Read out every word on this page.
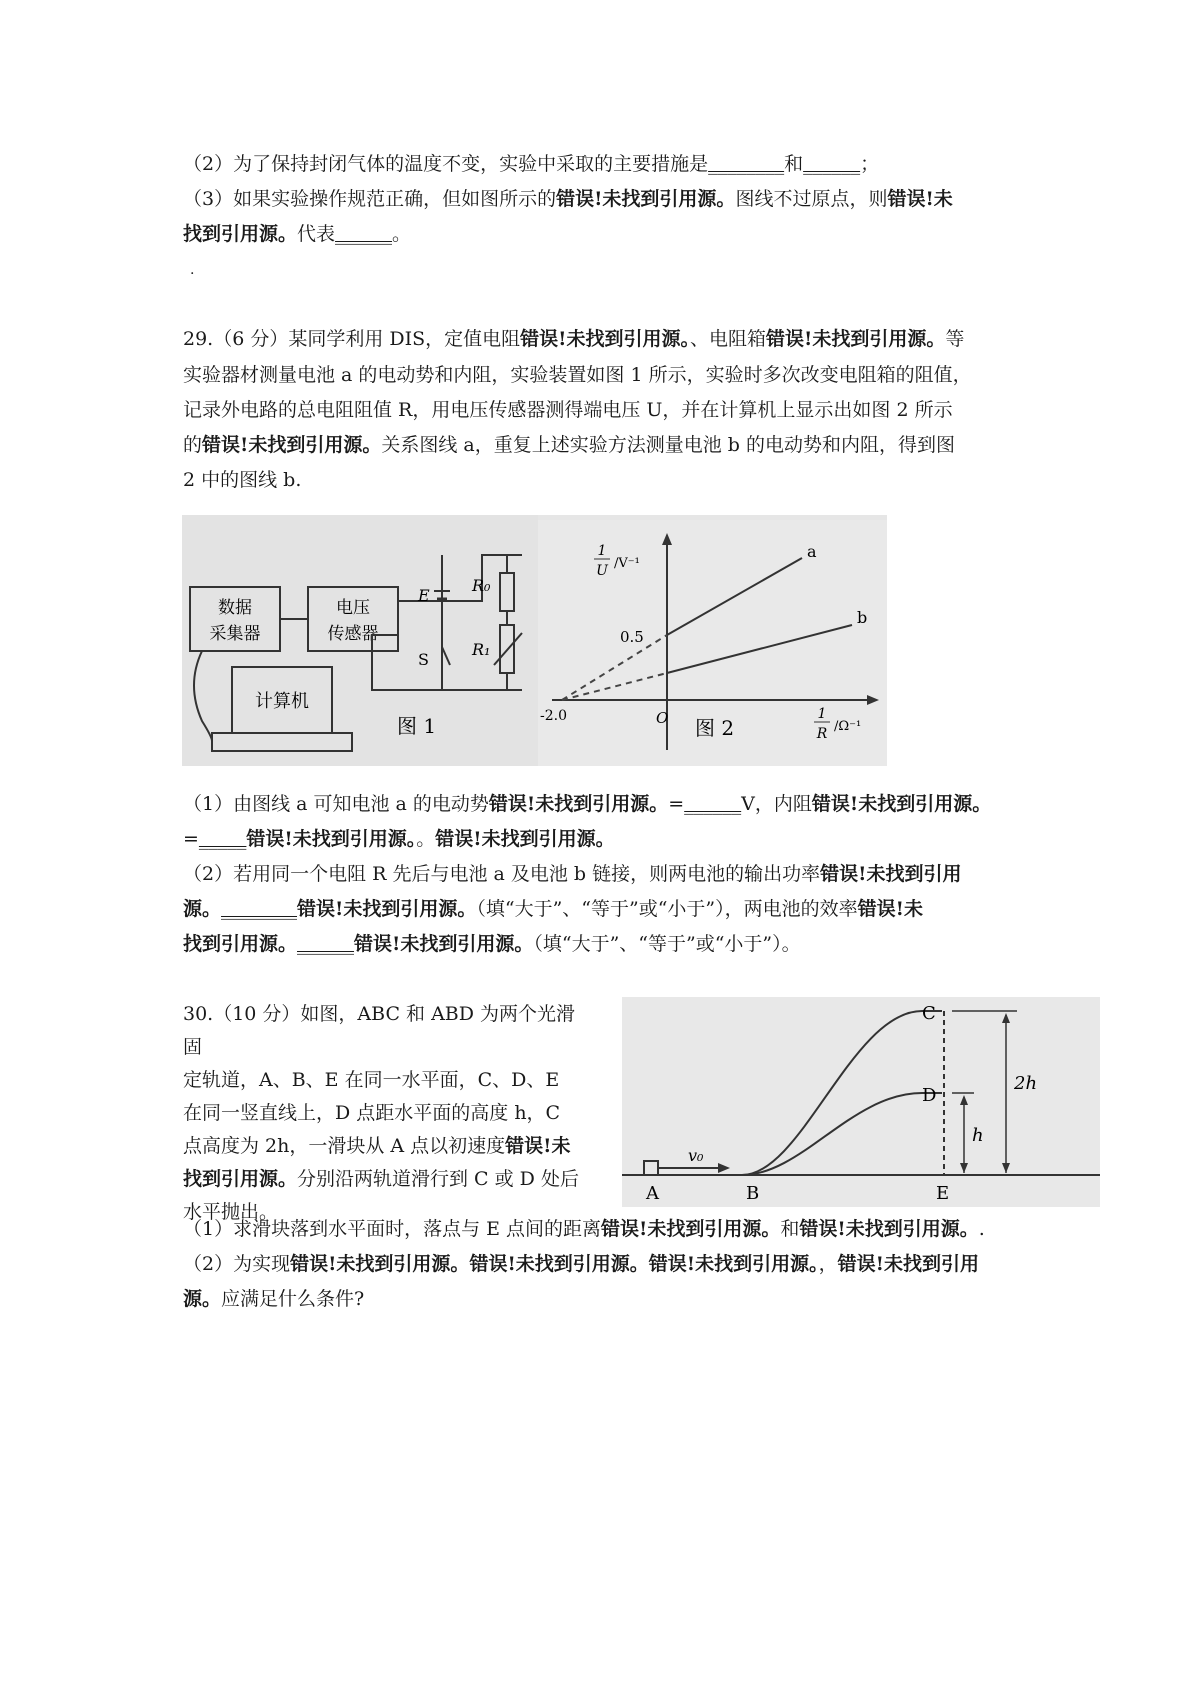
（2）为了保持封闭气体的温度不变，实验中采取的主要措施是________和______；
（3）如果实验操作规范正确，但如图所示的错误!未找到引用源。图线不过原点，则错误!未
找到引用源。代表______。
.
29.（6 分）某同学利用 DIS，定值电阻错误!未找到引用源。、电阻箱错误!未找到引用源。等
实验器材测量电池 a 的电动势和内阻，实验装置如图 1 所示，实验时多次改变电阻箱的阻值，
记录外电路的总电阻阻值 R，用电压传感器测得端电压 U，并在计算机上显示出如图 2 所示
的错误!未找到引用源。关系图线 a，重复上述实验方法测量电池 b 的电动势和内阻，得到图
2 中的图线 b.
数据
采集器
电压
传感器
E
S
R₀
R₁
计算机
图 1
1
U /V⁻¹
0.5
-2.0	O	1
R /Ω⁻¹
a
b
图 2
（1）由图线 a 可知电池 a 的电动势错误!未找到引用源。=______V，内阻错误!未找到引用源。
=_____错误!未找到引用源。。错误!未找到引用源。
（2）若用同一个电阻 R 先后与电池 a 及电池 b 链接，则两电池的输出功率错误!未找到引用
源。________错误!未找到引用源。（填“大于”、“等于”或“小于”），两电池的效率错误!未
找到引用源。______错误!未找到引用源。（填“大于”、“等于”或“小于”）。
30.（10 分）如图，ABC 和 ABD 为两个光滑固
定轨道，A、B、E 在同一水平面，C、D、E
在同一竖直线上，D 点距水平面的高度 h，C
点高度为 2h，一滑块从 A 点以初速度错误!未
找到引用源。分别沿两轨道滑行到 C 或 D 处后
水平抛出。
v₀
A	B
C
D
E
h
2h
（1）求滑块落到水平面时，落点与 E 点间的距离错误!未找到引用源。和错误!未找到引用源。.
（2）为实现错误!未找到引用源。错误!未找到引用源。错误!未找到引用源。，错误!未找到引用
源。应满足什么条件?
